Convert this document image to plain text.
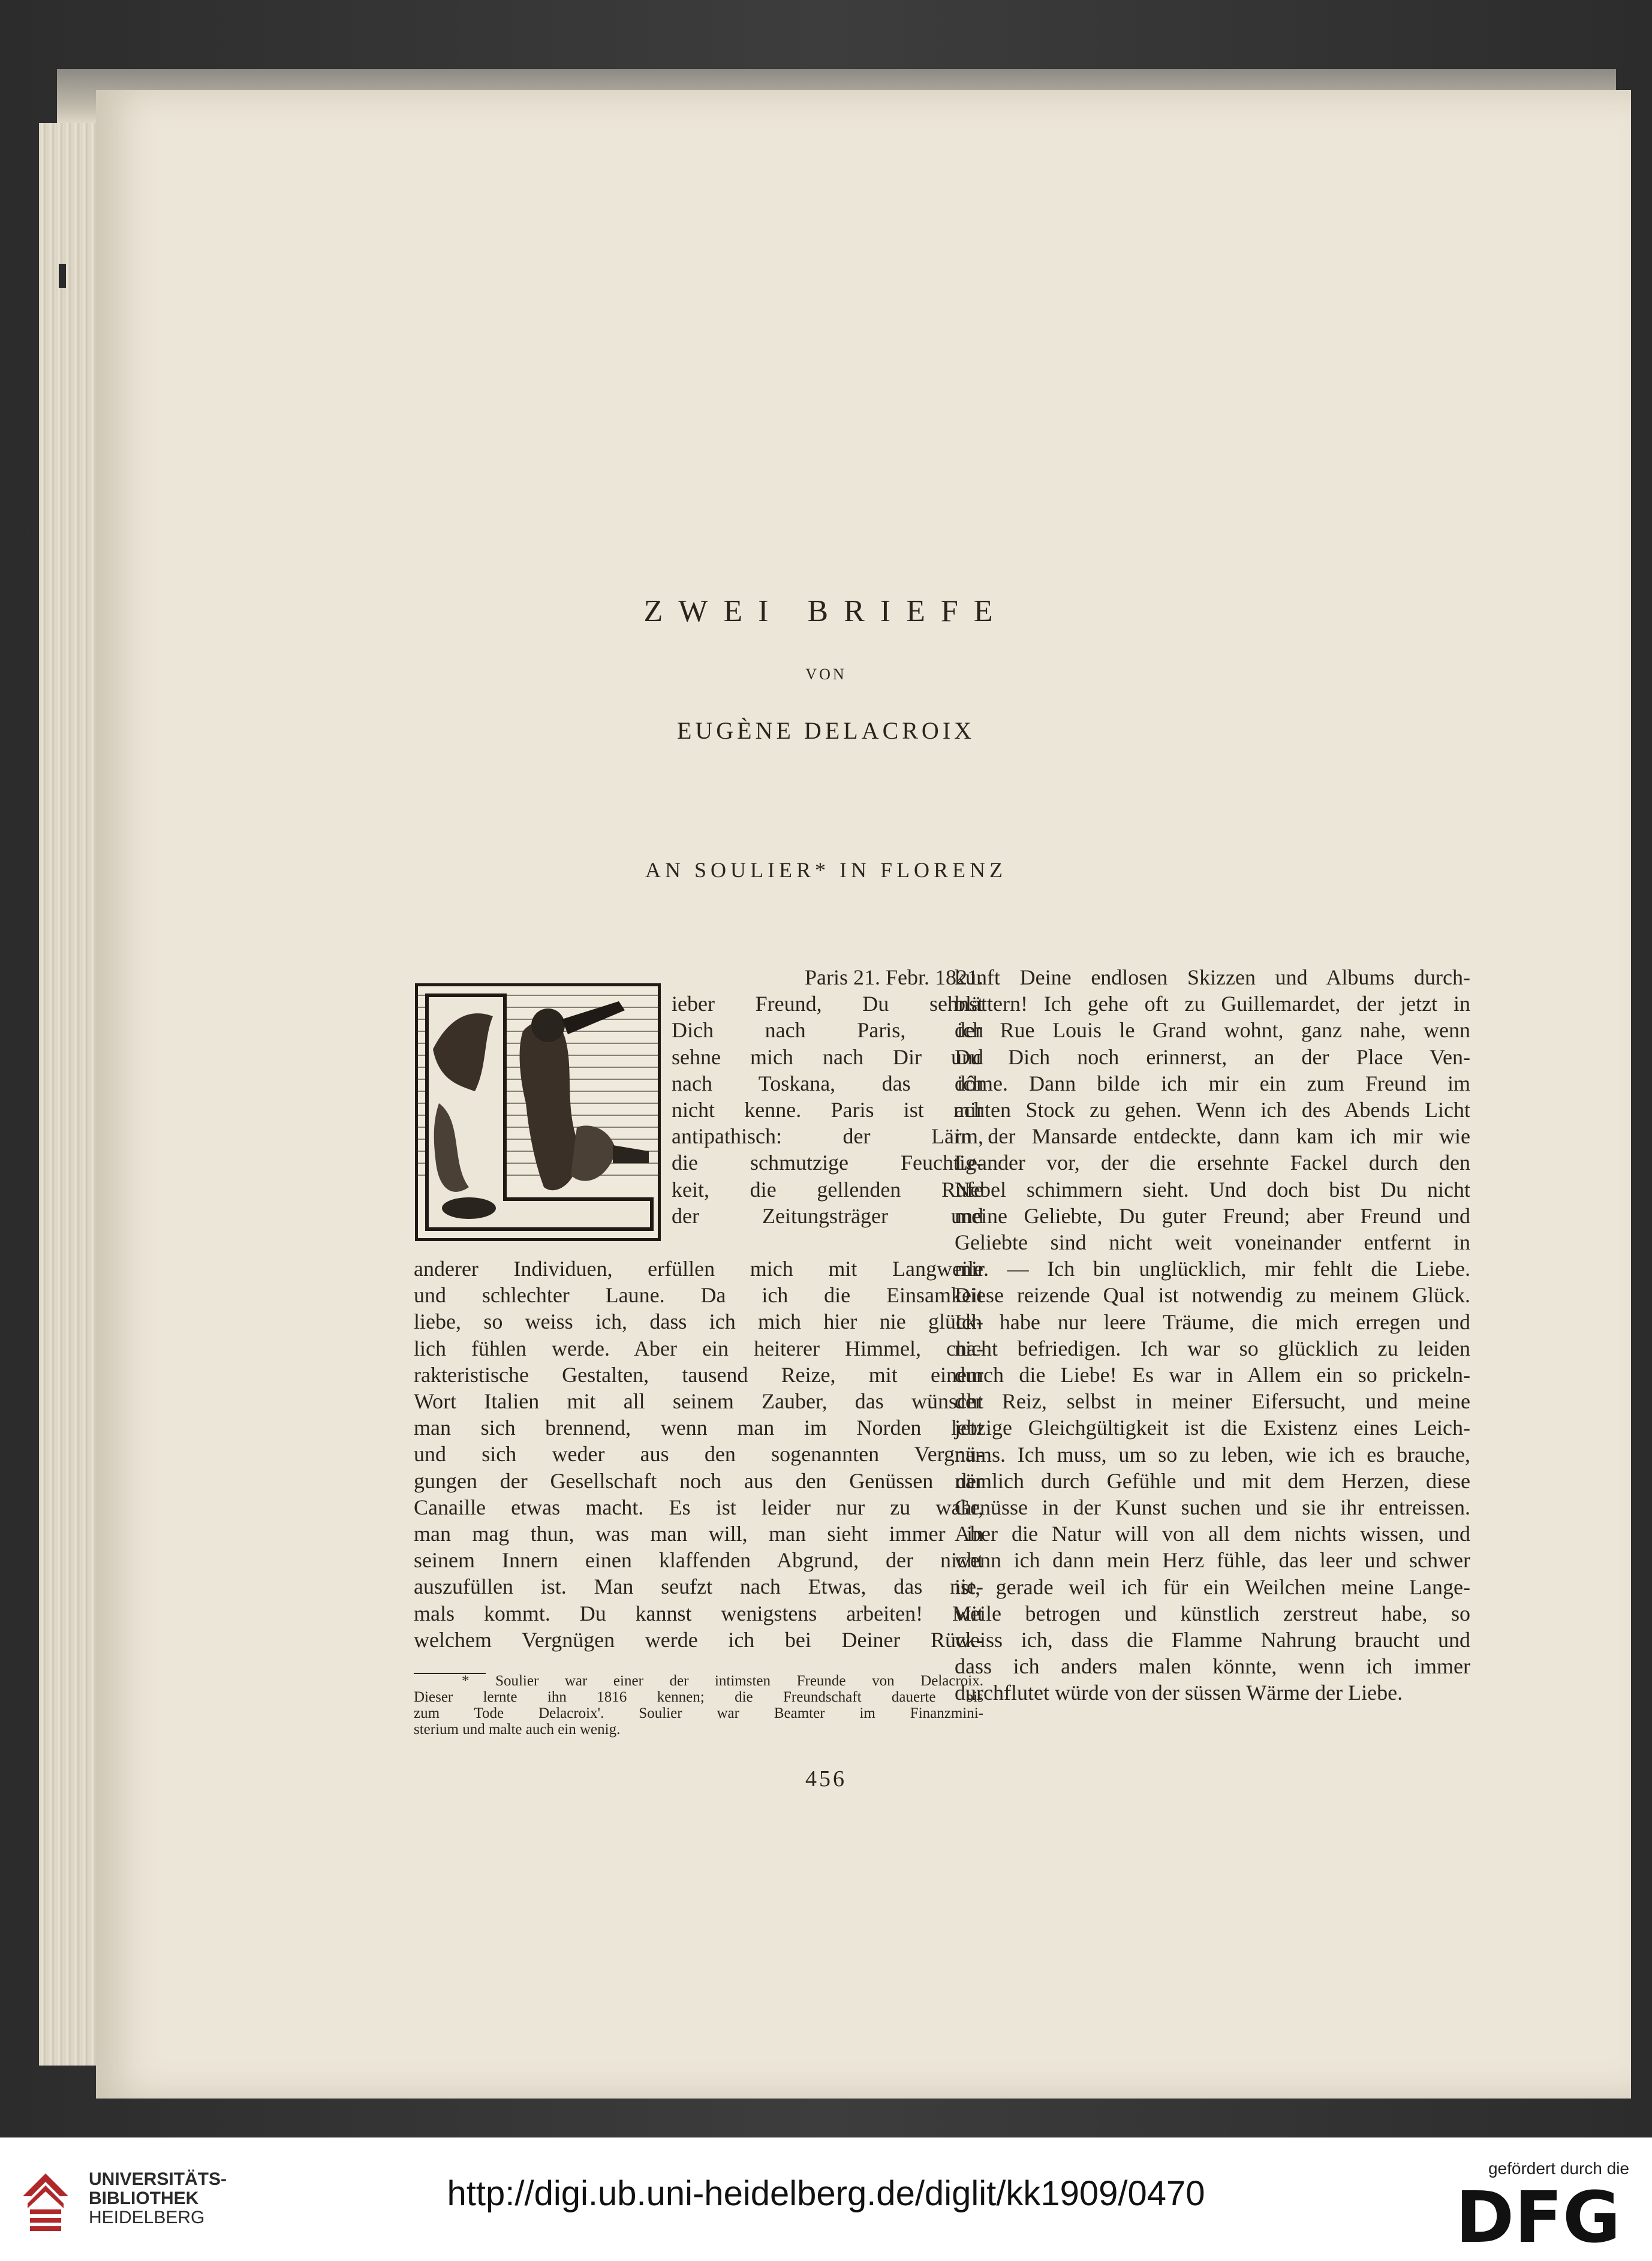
ZWEI BRIEFE
VON
EUGÈNE DELACROIX
AN SOULIER* IN FLORENZ
Paris 21. Febr. 1821.
ieber Freund, Du sehnst
Dich nach Paris, ich
sehne mich nach Dir und
nach Toskana, das ich
nicht kenne. Paris ist mir
antipathisch: der Lärm,
die schmutzige Feuchtig-
keit, die gellenden Rufe
der Zeitungsträger und
anderer Individuen, erfüllen mich mit Langweile
und schlechter Laune. Da ich die Einsamkeit
liebe, so weiss ich, dass ich mich hier nie glück-
lich fühlen werde. Aber ein heiterer Himmel, cha-
rakteristische Gestalten, tausend Reize, mit einem
Wort Italien mit all seinem Zauber, das wünscht
man sich brennend, wenn man im Norden lebt
und sich weder aus den sogenannten Vergnü-
gungen der Gesellschaft noch aus den Genüssen der
Canaille etwas macht. Es ist leider nur zu wahr,
man mag thun, was man will, man sieht immer in
seinem Innern einen klaffenden Abgrund, der nicht
auszufüllen ist. Man seufzt nach Etwas, das nie-
mals kommt. Du kannst wenigstens arbeiten! Mit
welchem Vergnügen werde ich bei Deiner Rück-
* Soulier war einer der intimsten Freunde von Delacroix.
Dieser lernte ihn 1816 kennen; die Freundschaft dauerte bis
zum Tode Delacroix'. Soulier war Beamter im Finanzmini-
sterium und malte auch ein wenig.
kunft Deine endlosen Skizzen und Albums durch-
blättern! Ich gehe oft zu Guillemardet, der jetzt in
der Rue Louis le Grand wohnt, ganz nahe, wenn
Du Dich noch erinnerst, an der Place Ven-
dôme. Dann bilde ich mir ein zum Freund im
achten Stock zu gehen. Wenn ich des Abends Licht
in der Mansarde entdeckte, dann kam ich mir wie
Leander vor, der die ersehnte Fackel durch den
Nebel schimmern sieht. Und doch bist Du nicht
meine Geliebte, Du guter Freund; aber Freund und
Geliebte sind nicht weit voneinander entfernt in
mir. — Ich bin unglücklich, mir fehlt die Liebe.
Diese reizende Qual ist notwendig zu meinem Glück.
Ich habe nur leere Träume, die mich erregen und
nicht befriedigen. Ich war so glücklich zu leiden
durch die Liebe! Es war in Allem ein so prickeln-
der Reiz, selbst in meiner Eifersucht, und meine
jetzige Gleichgültigkeit ist die Existenz eines Leich-
nams. Ich muss, um so zu leben, wie ich es brauche,
nämlich durch Gefühle und mit dem Herzen, diese
Genüsse in der Kunst suchen und sie ihr entreissen.
Aber die Natur will von all dem nichts wissen, und
wenn ich dann mein Herz fühle, das leer und schwer
ist, gerade weil ich für ein Weilchen meine Lange-
weile betrogen und künstlich zerstreut habe, so
weiss ich, dass die Flamme Nahrung braucht und
dass ich anders malen könnte, wenn ich immer
durchflutet würde von der süssen Wärme der Liebe.
456
UNIVERSITÄTS-
BIBLIOTHEK
HEIDELBERG
http://digi.ub.uni-heidelberg.de/diglit/kk1909/0470
gefördert durch die
DFG
